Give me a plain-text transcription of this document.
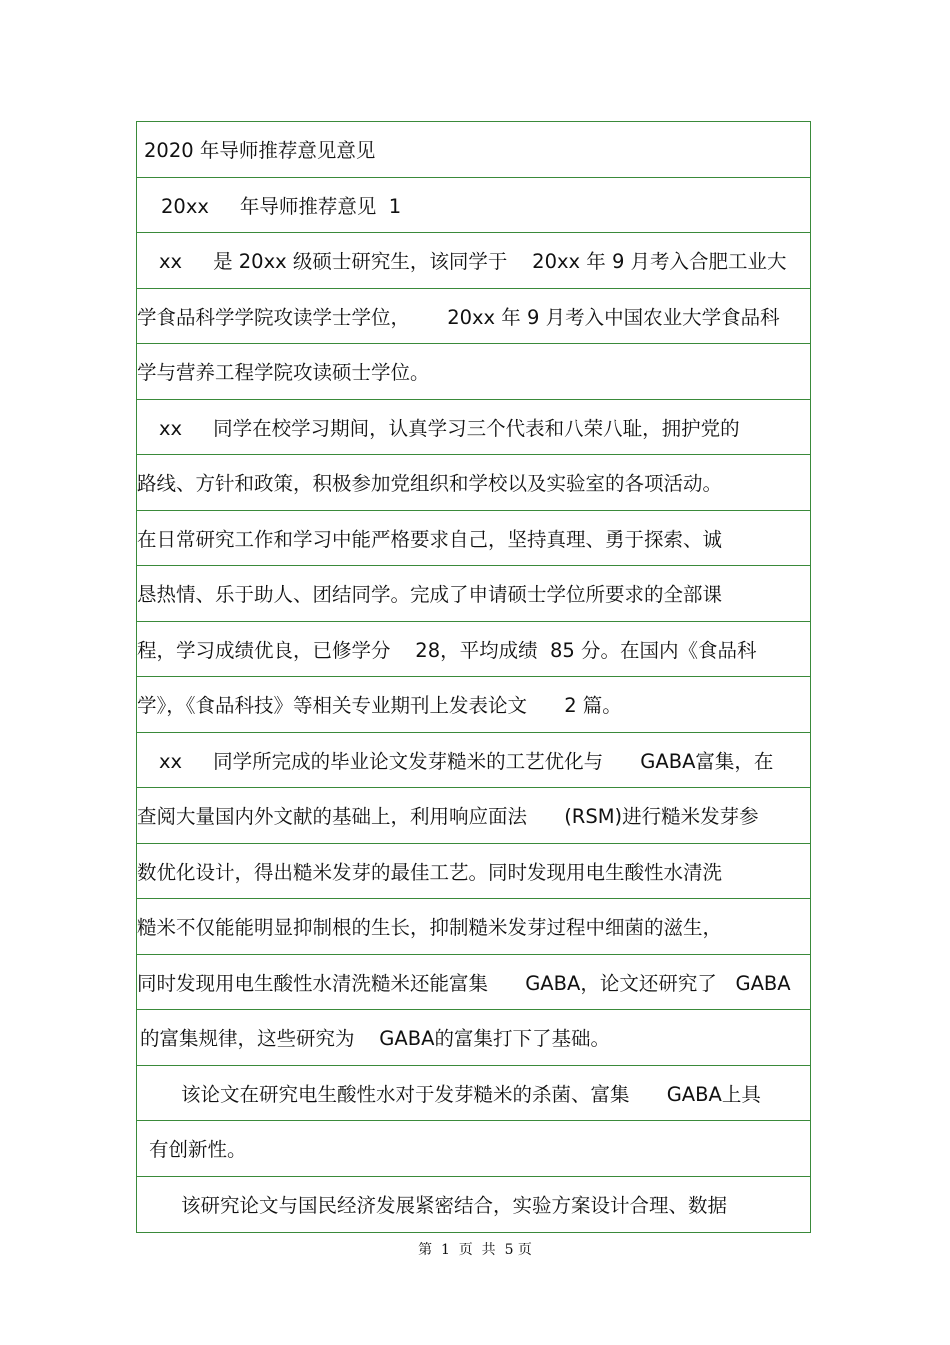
2020 年导师推荐意见意见
20xx     年导师推荐意见  1
xx     是 20xx 级硕士研究生，该同学于    20xx 年 9 月考入合肥工业大
学食品科学学院攻读学士学位，      20xx 年 9 月考入中国农业大学食品科
学与营养工程学院攻读硕士学位。
xx     同学在校学习期间，认真学习三个代表和八荣八耻，拥护党的
路线、方针和政策，积极参加党组织和学校以及实验室的各项活动。
在日常研究工作和学习中能严格要求自己，坚持真理、勇于探索、诚
恳热情、乐于助人、团结同学。完成了申请硕士学位所要求的全部课
程，学习成绩优良，已修学分    28，平均成绩  85 分。在国内《食品科
学》，《食品科技》等相关专业期刊上发表论文      2 篇。
xx     同学所完成的毕业论文发芽糙米的工艺优化与      GABA富集，在
查阅大量国内外文献的基础上，利用响应面法      (RSM)进行糙米发芽参
数优化设计，得出糙米发芽的最佳工艺。同时发现用电生酸性水清洗
糙米不仅能能明显抑制根的生长，抑制糙米发芽过程中细菌的滋生，
同时发现用电生酸性水清洗糙米还能富集      GABA，论文还研究了   GABA
的富集规律，这些研究为    GABA的富集打下了基础。
该论文在研究电生酸性水对于发芽糙米的杀菌、富集      GABA上具
有创新性。
该研究论文与国民经济发展紧密结合，实验方案设计合理、数据
第  1  页  共  5 页
